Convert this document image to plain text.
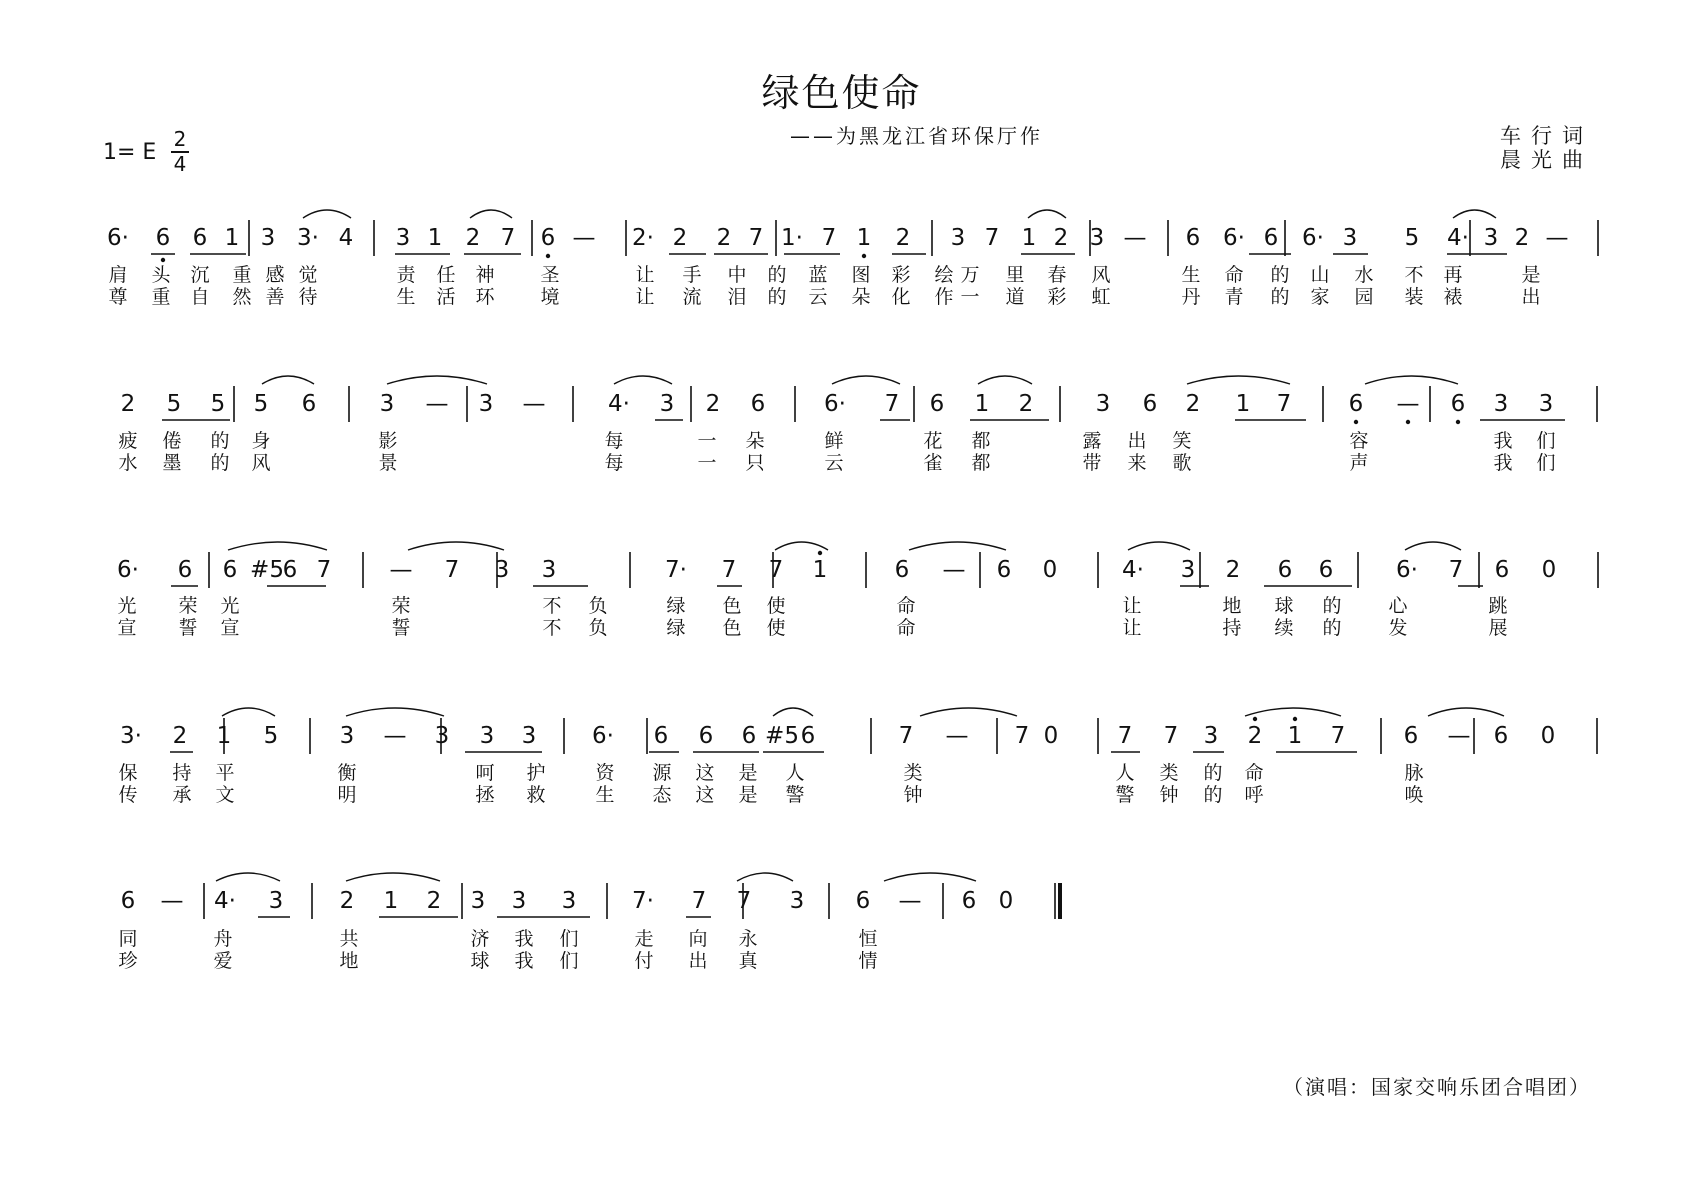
绿色使命
——为黑龙江省环保厅作	车行词
晨光曲
1= E $\frac{2}{4}$
6·	6 6 1 3 3· 4 3 1 2 7 6 —	2· 2 2 7 1· 7 1 2 3 7 1 2 3 — 6 6· 6	6· 3 5	4· 3 2 —
2 5 5 5 6	3 — 3 —	4·	3 2 6	6·	7 6 1 2	3 6 2 1 7 6 — 6 3 3
6·	6 6 #5
6 7	— 7 3 3	7·	7 7 1	6 — 6 0	4·	3 2 6 6	6·	7 6 0
3·	2 1 5	3 — 3 3 3	6·	6 6 6 #5 6	7 — 7 0	7 7 3 2 1 7	6 — 6 0
6 —	4·	3 2 1 2 3 3 3	7·	7 7 3 6 — 6 0
肩 头 沉 重 感 觉	责 任 神 圣	让 手 中 的 蓝 图 彩 绘 万 里 春 风	生 命 的 山 水 不 再	是
尊 重 自 然 善 待	生 活 环 境	让 流 泪 的 云 朵 化 作 一 道 彩 虹	丹 青 的 家 园 装 裱	出
疲 倦 的 身	影	每	一 朵	鲜	花 都	露 出 笑	容	我 们
水 墨 的 风	景	每	一 只	云	雀 都	带 来 歌	声	我 们
光 荣 光	荣	不 负	绿 色 使	命	让	地 球 的 心	跳
宣 誓 宣	誓	不 负	绿 色 使	命	让	持 续 的 发	展
保 持 平	衡	呵 护	资 源 这 是 人	类	人 类 的 命	脉
传 承 文	明	拯 救	生 态 这 是 警	钟	警 钟 的 呼	唤
同	舟	共	济 我 们	走 向 永	恒
珍	爱	地	球 我 们	付 出 真	情
（演唱：国家交响乐团合唱团）
